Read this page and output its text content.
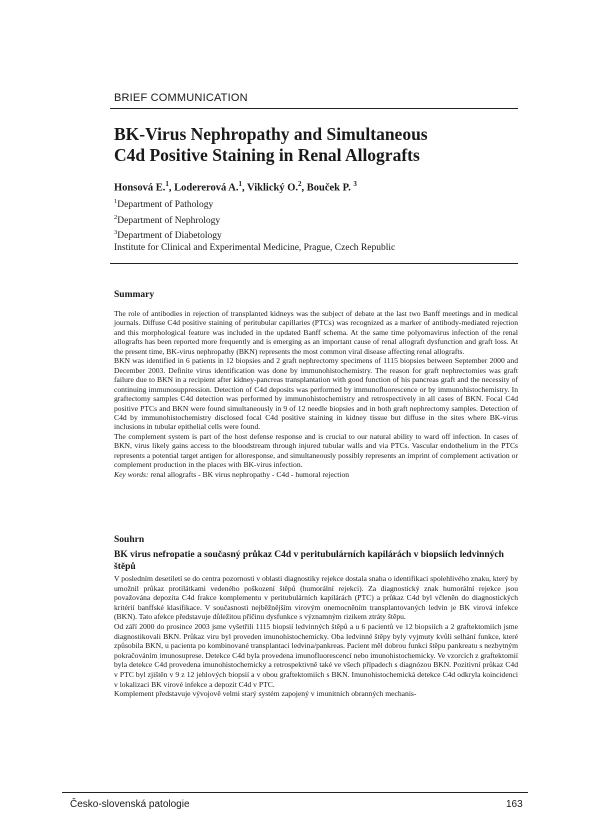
BRIEF COMMUNICATION
BK-Virus Nephropathy and Simultaneous
C4d Positive Staining in Renal Allografts
Honsová E.$^1$, Lodererová A.$^1$, Viklický O.$^2$, Bouček P. $^3$
$^1$Department of Pathology
$^2$Department of Nephrology
$^3$Department of Diabetology
Institute for Clinical and Experimental Medicine, Prague, Czech Republic
Summary

The role of antibodies in rejection of transplanted kidneys was the subject of debate at the last two Banff meetings and in medical journals. Diffuse C4d positive staining of peritubular capillaries (PTCs) was recognized as a marker of antibody-mediated rejection and this morphological feature was included in the updated Banff schema. At the same time polyomavirus infection of the renal allografts has been reported more frequently and is emerging as an important cause of renal allograft dysfunction and graft loss. At the present time, BK-virus nephropathy (BKN) represents the most common viral disease affecting renal allografts.

BKN was identified in 6 patients in 12 biopsies and 2 graft nephrectomy specimens of 1115 biopsies between September 2000 and December 2003. Definite virus identification was done by immunohistochemistry. The reason for graft nephrectomies was graft failure due to BKN in a recipient after kidney-pancreas transplantation with good function of his pancreas graft and the necessity of continuing immunosuppression. Detection of C4d deposits was performed by immunofluorescence or by immunohistochemistry. In graftectomy samples C4d detection was performed by immunohistochemistry and retrospectively in all cases of BKN. Focal C4d positive PTCs and BKN were found simultaneously in 9 of 12 needle biopsies and in both graft nephrectomy samples. Detection of C4d by immunohistochemistry disclosed focal C4d positive staining in kidney tissue but diffuse in the sites where BK-virus inclusions in tubular epithelial cells were found.

The complement system is part of the host defense response and is crucial to our natural ability to ward off infection. In cases of BKN, virus likely gains access to the bloodstream through injured tubular walls and via PTCs. Vascular endothelium in the PTCs represents a potential target antigen for alloresponse, and simultaneously possibly represents an imprint of complement activation or complement production in the places with BK-virus infection.

Key words: renal allografts - BK virus nephropathy - C4d - humoral rejection

Souhrn
BK virus nefropatie a současný průkaz C4d v peritubulárních kapilárách v biopsiích ledvinných štěpů

V posledním desetiletí se do centra pozornosti v oblasti diagnostiky rejekce dostala snaha o identifikaci spolehlivého znaku, který by umožnil průkaz protilátkami vedeného poškození štěpů (humorální rejekci). Za diagnostický znak humorální rejekce jsou považována depozita C4d frakce komplementu v peritubulárních kapilárách (PTC) a průkaz C4d byl včleněn do diagnostických kritérií banffské klasifikace. V současnosti nejběžnějším virovým onemocněním transplantovaných ledvin je BK virová infekce (BKN). Tato afekce představuje důležitou příčinu dysfunkce s významným rizikem ztráty štěpu.

Od září 2000 do prosince 2003 jsme vyšetřili 1115 biopsií ledvinných štěpů a u 6 pacientů ve 12 biopsiích a 2 graftektomiích jsme diagnostikovali BKN. Průkaz viru byl proveden imunohistochemicky. Oba ledvinné štěpy byly vyjmuty kvůli selhání funkce, které způsobila BKN, u pacienta po kombinované transplantaci ledvina/pankreas. Pacient měl dobrou funkci štěpu pankreatu s nezbytným pokračováním imunosuprese. Detekce C4d byla provedena imunofluorescencí nebo imunohistochemicky. Ve vzorcích z graftektomií byla detekce C4d provedena imunohistochemicky a retrospektivně také ve všech případech s diagnózou BKN. Pozitivní průkaz C4d v PTC byl zjištěn v 9 z 12 jehlových biopsií a v obou graftektomiích s BKN. Imunohistochemická detekce C4d odkryla koincidenci v lokalizaci BK virové infekce a depozit C4d v PTC.

Komplement představuje vývojově velmi starý systém zapojený v imunitních obranných mechanis-

Česko-slovenská patologie	163
